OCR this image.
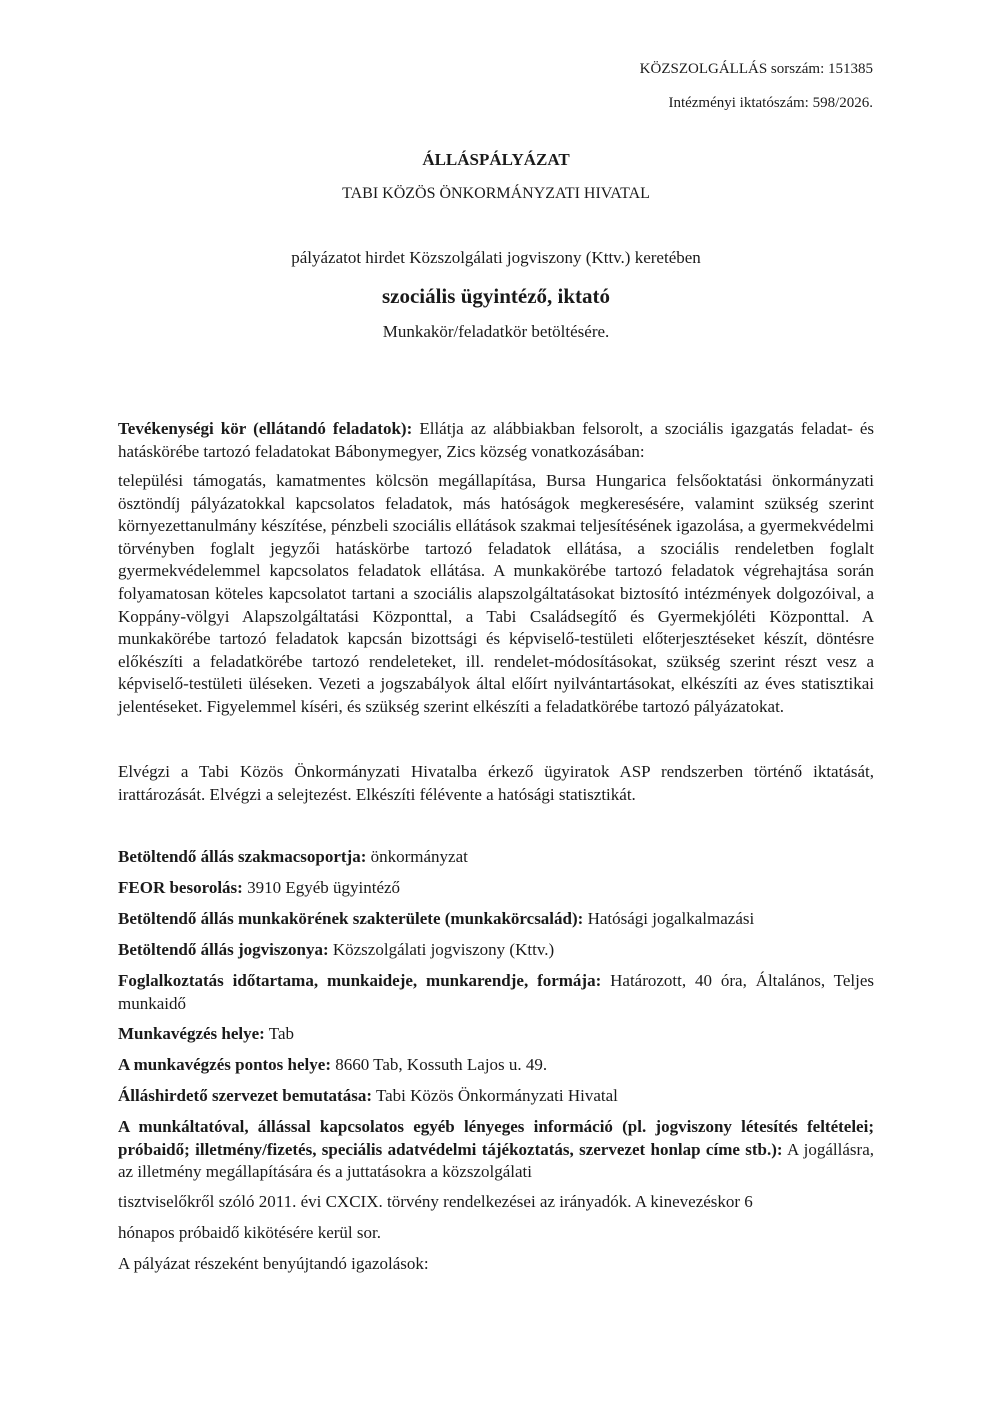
KÖZSZOLGÁLLÁS sorszám: 151385
Intézményi iktatószám: 598/2026.
ÁLLÁSPÁLYÁZAT
TABI KÖZÖS ÖNKORMÁNYZATI HIVATAL
pályázatot hirdet Közszolgálati jogviszony (Kttv.) keretében
szociális ügyintéző, iktató
Munkakör/feladatkör betöltésére.
Tevékenységi kör (ellátandó feladatok): Ellátja az alábbiakban felsorolt, a szociális igazgatás feladat- és hatáskörébe tartozó feladatokat Bábonymegyer, Zics község vonatkozásában:
települési támogatás, kamatmentes kölcsön megállapítása, Bursa Hungarica felsőoktatási önkormányzati ösztöndíj pályázatokkal kapcsolatos feladatok, más hatóságok megkeresésére, valamint szükség szerint környezettanulmány készítése, pénzbeli szociális ellátások szakmai teljesítésének igazolása, a gyermekvédelmi törvényben foglalt jegyzői hatáskörbe tartozó feladatok ellátása, a szociális rendeletben foglalt gyermekvédelemmel kapcsolatos feladatok ellátása. A munkakörébe tartozó feladatok végrehajtása során folyamatosan köteles kapcsolatot tartani a szociális alapszolgáltatásokat biztosító intézmények dolgozóival, a Koppány-völgyi Alapszolgáltatási Központtal, a Tabi Családsegítő és Gyermekjóléti Központtal. A munkakörébe tartozó feladatok kapcsán bizottsági és képviselő-testületi előterjesztéseket készít, döntésre előkészíti a feladatkörébe tartozó rendeleteket, ill. rendelet-módosításokat, szükség szerint részt vesz a képviselő-testületi üléseken. Vezeti a jogszabályok által előírt nyilvántartásokat, elkészíti az éves statisztikai jelentéseket. Figyelemmel kíséri, és szükség szerint elkészíti a feladatkörébe tartozó pályázatokat.
Elvégzi a Tabi Közös Önkormányzati Hivatalba érkező ügyiratok ASP rendszerben történő iktatását, irattározását. Elvégzi a selejtezést. Elkészíti félévente a hatósági statisztikát.
Betöltendő állás szakmacsoportja: önkormányzat
FEOR besorolás: 3910 Egyéb ügyintéző
Betöltendő állás munkakörének szakterülete (munkakörcsalád): Hatósági jogalkalmazási
Betöltendő állás jogviszonya: Közszolgálati jogviszony (Kttv.)
Foglalkoztatás időtartama, munkaideje, munkarendje, formája: Határozott, 40 óra, Általános, Teljes munkaidő
Munkavégzés helye: Tab
A munkavégzés pontos helye: 8660 Tab, Kossuth Lajos u. 49.
Álláshirdető szervezet bemutatása: Tabi Közös Önkormányzati Hivatal
A munkáltatóval, állással kapcsolatos egyéb lényeges információ (pl. jogviszony létesítés feltételei; próbaidő; illetmény/fizetés, speciális adatvédelmi tájékoztatás, szervezet honlap címe stb.): A jogállásra, az illetmény megállapítására és a juttatásokra a közszolgálati
tisztviselőkről szóló 2011. évi CXCIX. törvény rendelkezései az irányadók. A kinevezéskor 6
hónapos próbaidő kikötésére kerül sor.
A pályázat részeként benyújtandó igazolások:
